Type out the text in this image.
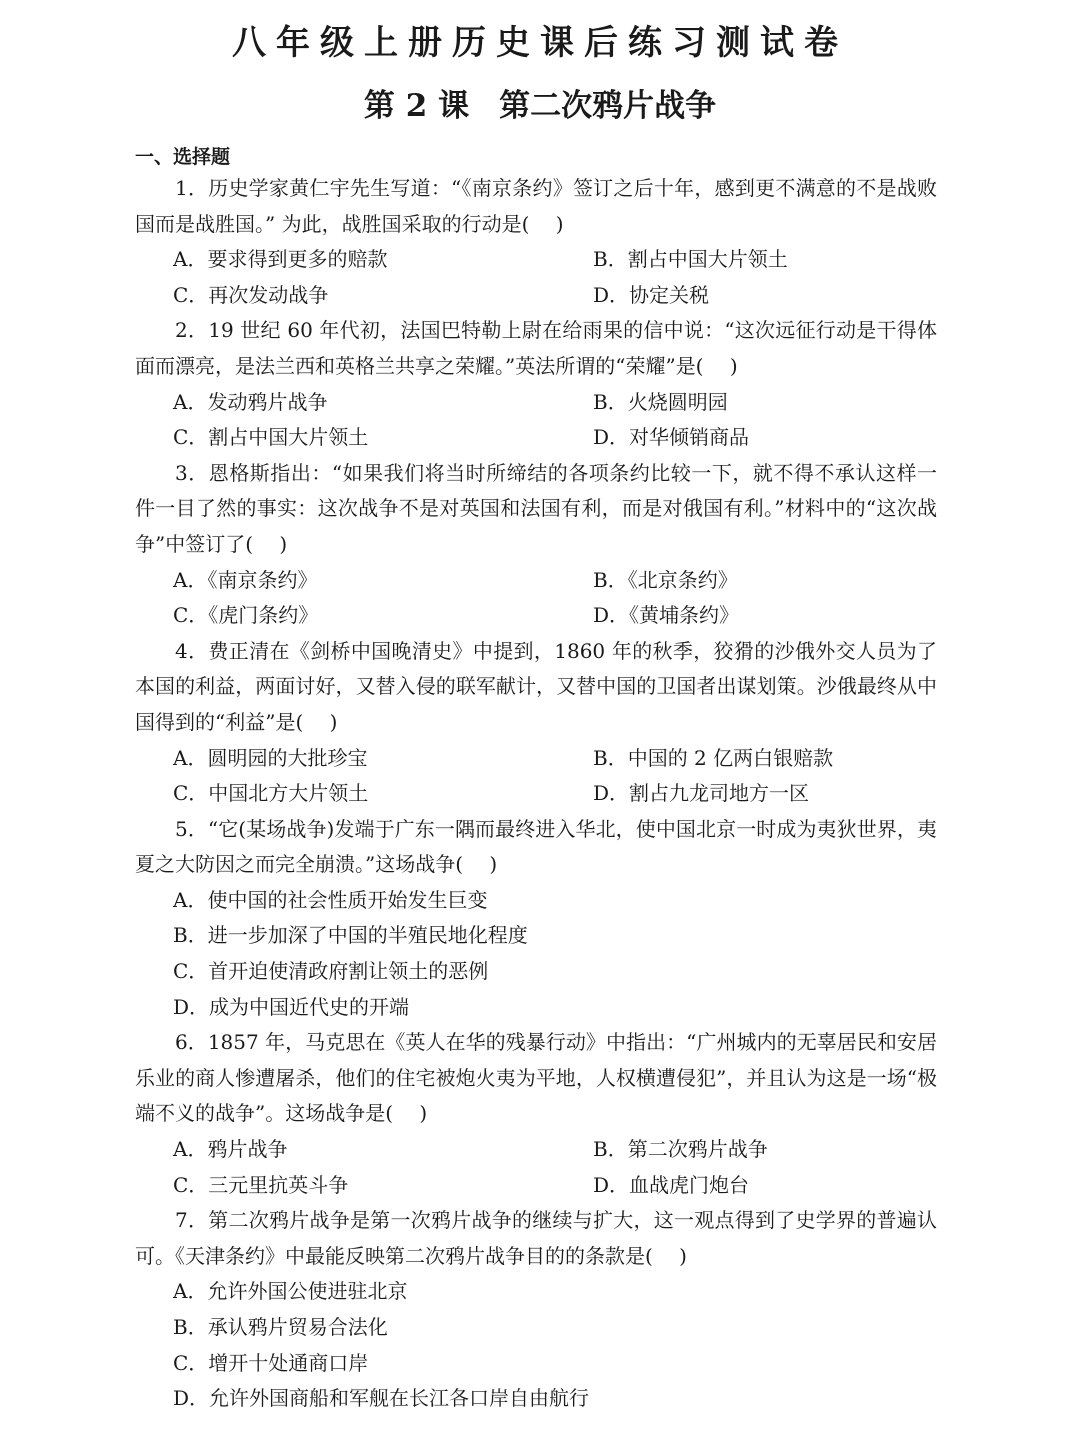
八年级上册历史课后练习测试卷
第 2 课 第二次鸦片战争
一、选择题

1．历史学家黄仁宇先生写道：“《南京条约》签订之后十年，感到更不满意的不是战败国而是战胜国。” 为此，战胜国采取的行动是(　 )

A．要求得到更多的赔款	B．割占中国大片领土
C．再次发动战争	D．协定关税

2．19 世纪 60 年代初，法国巴特勒上尉在给雨果的信中说：“这次远征行动是干得体面而漂亮，是法兰西和英格兰共享之荣耀。”英法所谓的“荣耀”是(　 )

A．发动鸦片战争	B．火烧圆明园
C．割占中国大片领土	D．对华倾销商品

3．恩格斯指出：“如果我们将当时所缔结的各项条约比较一下，就不得不承认这样一件一目了然的事实：这次战争不是对英国和法国有利，而是对俄国有利。”材料中的“这次战争”中签订了(　 )

A．《南京条约》	B．《北京条约》
C．《虎门条约》	D．《黄埔条约》

4．费正清在《剑桥中国晚清史》中提到，1860 年的秋季，狡猾的沙俄外交人员为了本国的利益，两面讨好，又替入侵的联军献计，又替中国的卫国者出谋划策。沙俄最终从中国得到的“利益”是(　 )

A．圆明园的大批珍宝	B．中国的 2 亿两白银赔款
C．中国北方大片领土	D．割占九龙司地方一区

5．“它(某场战争)发端于广东一隅而最终进入华北，使中国北京一时成为夷狄世界，夷夏之大防因之而完全崩溃。”这场战争(　 )

A．使中国的社会性质开始发生巨变
B．进一步加深了中国的半殖民地化程度
C．首开迫使清政府割让领土的恶例
D．成为中国近代史的开端

6．1857 年，马克思在《英人在华的残暴行动》中指出：“广州城内的无辜居民和安居乐业的商人惨遭屠杀，他们的住宅被炮火夷为平地，人权横遭侵犯”，并且认为这是一场“极端不义的战争”。这场战争是(　 )

A．鸦片战争	B．第二次鸦片战争
C．三元里抗英斗争	D．血战虎门炮台

7．第二次鸦片战争是第一次鸦片战争的继续与扩大，这一观点得到了史学界的普遍认可。《天津条约》中最能反映第二次鸦片战争目的的条款是(　 )

A．允许外国公使进驻北京
B．承认鸦片贸易合法化
C．增开十处通商口岸
D．允许外国商船和军舰在长江各口岸自由航行
